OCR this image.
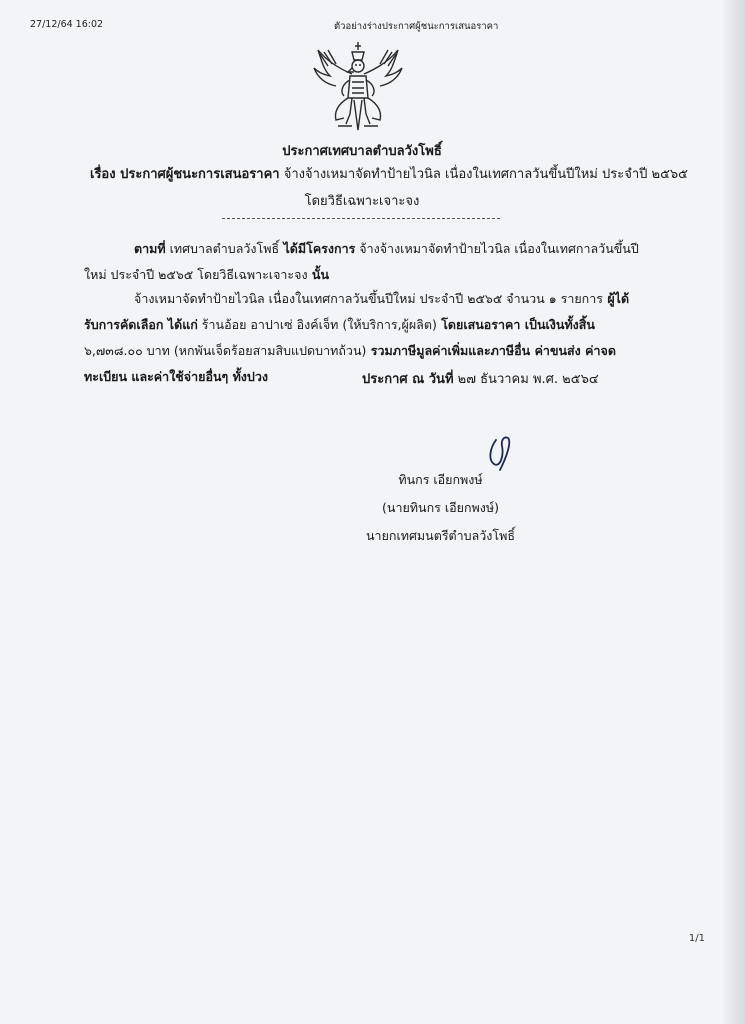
27/12/64 16:02	ตัวอย่างร่างประกาศผู้ชนะการเสนอราคา
ประกาศเทศบาลตำบลวังโพธิ์
เรื่อง ประกาศผู้ชนะการเสนอราคา จ้างจ้างเหมาจัดทำป้ายไวนิล เนื่องในเทศกาลวันขึ้นปีใหม่ ประจำปี ๒๕๖๕
โดยวิธีเฉพาะเจาะจง
ตามที่ เทศบาลตำบลวังโพธิ์ ได้มีโครงการ จ้างจ้างเหมาจัดทำป้ายไวนิล เนื่องในเทศกาลวันขึ้นปีใหม่ ประจำปี ๒๕๖๕ โดยวิธีเฉพาะเจาะจง นั้น
จ้างเหมาจัดทำป้ายไวนิล เนื่องในเทศกาลวันขึ้นปีใหม่ ประจำปี ๒๕๖๕ จำนวน ๑ รายการ ผู้ได้รับการคัดเลือก ได้แก่ ร้านอ้อย อาปาเซ่ อิงค์เจ็ท (ให้บริการ,ผู้ผลิต) โดยเสนอราคา เป็นเงินทั้งสิ้น ๖,๗๓๘.๐๐ บาท (หกพันเจ็ดร้อยสามสิบแปดบาทถ้วน) รวมภาษีมูลค่าเพิ่มและภาษีอื่น ค่าขนส่ง ค่าจดทะเบียน และค่าใช้จ่ายอื่นๆ ทั้งปวง	ประกาศ ณ วันที่ ๒๗ ธันวาคม พ.ศ. ๒๕๖๔
ทินกร เอียกพงษ์
(นายทินกร เอียกพงษ์)
นายกเทศมนตรีตำบลวังโพธิ์
1/1
